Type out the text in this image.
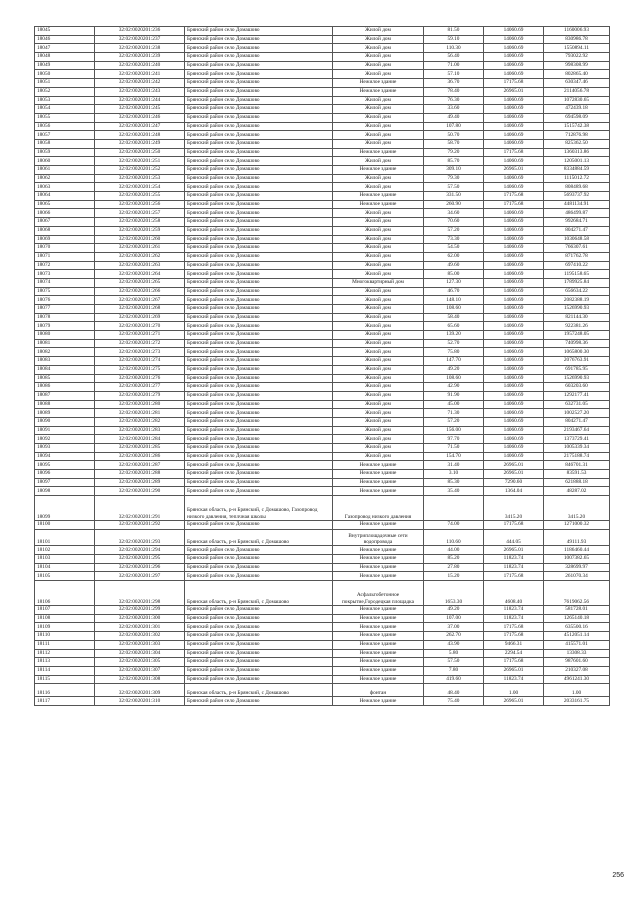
18045	32:02:0020201:236	Брянский район село Домашово	Жилой дом	81.50	14060.69	1160006.93
18046	32:02:0020201:237	Брянский район село Домашово	Жилой дом	59.10	14060.69	830986.78
18047	32:02:0020201:238	Брянский район село Домашово	Жилой дом	110.30	14060.69	1550894.11
18048	32:02:0020201:239	Брянский район село Домашово	Жилой дом	56.40	14060.69	793022.92
18049	32:02:0020201:240	Брянский район село Домашово	Жилой дом	71.00	14060.69	998308.99
18050	32:02:0020201:241	Брянский район село Домашово	Жилой дом	57.10	14060.69	802865.40
18051	32:02:0020201:242	Брянский район село Домашово	Нежилое здание	36.70	17175.68	630347.46
18052	32:02:0020201:243	Брянский район село Домашово	Нежилое здание	78.40	26965.01	2114056.78
18053	32:02:0020201:244	Брянский район село Домашово	Жилой дом	76.30	14060.69	1072830.65
18054	32:02:0020201:245	Брянский район село Домашово	Жилой дом	33.60	14060.69	472439.18
18055	32:02:0020201:246	Брянский район село Домашово	Жилой дом	49.40	14060.69	694598.09
18056	32:02:0020201:247	Брянский район село Домашово	Жилой дом	107.80	14060.69	1515742.38
18057	32:02:0020201:248	Брянский район село Домашово	Жилой дом	50.70	14060.69	712876.98
18058	32:02:0020201:249	Брянский район село Домашово	Жилой дом	58.70	14060.69	825362.50
18059	32:02:0020201:250	Брянский район село Домашово	Нежилое здание	79.20	17175.68	1360313.86
18060	32:02:0020201:251	Брянский район село Домашово	Жилой дом	85.70	14060.69	1205001.13
18061	32:02:0020201:252	Брянский район село Домашово	Нежилое здание	309.10	26965.01	8334884.59
18062	32:02:0020201:253	Брянский район село Домашово	Жилой дом	79.30	14060.69	1115012.72
18063	32:02:0020201:254	Брянский район село Домашово	Жилой дом	57.50	14060.69	808489.68
18064	32:02:0020201:255	Брянский район село Домашово	Нежилое здание	331.50	17175.68	5693737.92
18065	32:02:0020201:256	Брянский район село Домашово	Нежилое здание	260.90	17175.68	4481134.91
18066	32:02:0020201:257	Брянский район село Домашово	Жилой дом	34.60	14060.69	486499.87
18067	32:02:0020201:258	Брянский район село Домашово	Жилой дом	70.60	14060.69	992684.71
18068	32:02:0020201:259	Брянский район село Домашово	Жилой дом	57.20	14060.69	804271.47
18069	32:02:0020201:260	Брянский район село Домашово	Жилой дом	73.30	14060.69	1030648.58
18070	32:02:0020201:261	Брянский район село Домашово	Жилой дом	54.50	14060.69	766307.61
18071	32:02:0020201:262	Брянский район село Домашово	Жилой дом	62.00	14060.69	871762.78
18072	32:02:0020201:263	Брянский район село Домашово	Жилой дом	49.60	14060.69	697410.22
18073	32:02:0020201:264	Брянский район село Домашово	Жилой дом	85.00	14060.69	1195158.65
18074	32:02:0020201:265	Брянский район село Домашово	Многоквартирный дом	127.30	14060.69	1789925.84
18075	32:02:0020201:266	Брянский район село Домашово	Жилой дом	46.70	14060.69	656634.22
18076	32:02:0020201:267	Брянский район село Домашово	Жилой дом	148.10	14060.69	2082388.19
18077	32:02:0020201:268	Брянский район село Домашово	Жилой дом	108.60	14060.69	1526990.93
18078	32:02:0020201:269	Брянский район село Домашово	Жилой дом	58.40	14060.69	821144.30
18079	32:02:0020201:270	Брянский район село Домашово	Жилой дом	65.60	14060.69	922381.26
18080	32:02:0020201:271	Брянский район село Домашово	Жилой дом	139.20	14060.69	1957248.05
18081	32:02:0020201:272	Брянский район село Домашово	Жилой дом	52.70	14060.69	740998.36
18082	32:02:0020201:273	Брянский район село Домашово	Жилой дом	75.80	14060.69	1065800.30
18083	32:02:0020201:274	Брянский район село Домашово	Жилой дом	147.70	14060.69	2076763.91
18084	32:02:0020201:275	Брянский район село Домашово	Жилой дом	49.20	14060.69	691785.95
18085	32:02:0020201:276	Брянский район село Домашово	Жилой дом	108.60	14060.69	1526990.93
18086	32:02:0020201:277	Брянский район село Домашово	Жилой дом	42.90	14060.69	603203.60
18087	32:02:0020201:279	Брянский район село Домашово	Жилой дом	91.90	14060.69	1292177.41
18088	32:02:0020201:280	Брянский район село Домашово	Жилой дом	45.00	14060.69	632731.05
18089	32:02:0020201:281	Брянский район село Домашово	Жилой дом	71.30	14060.69	1002527.20
18090	32:02:0020201:282	Брянский район село Домашово	Жилой дом	57.20	14060.69	804271.47
18091	32:02:0020201:283	Брянский район село Домашово	Жилой дом	156.00	14060.69	2193467.64
18092	32:02:0020201:284	Брянский район село Домашово	Жилой дом	97.70	14060.69	1373729.41
18093	32:02:0020201:285	Брянский район село Домашово	Жилой дом	71.50	14060.69	1005339.34
18094	32:02:0020201:286	Брянский район село Домашово	Жилой дом	154.70	14060.69	2175188.74
18095	32:02:0020201:287	Брянский район село Домашово	Нежилое здание	31.40	26965.01	846701.31
18096	32:02:0020201:288	Брянский район село Домашово	Нежилое здание	3.10	26965.01	83591.53
18097	32:02:0020201:289	Брянский район село Домашово	Нежилое здание	85.30	7290.60	621888.18
18098	32:02:0020201:290	Брянский район село Домашово	Нежилое здание	35.40	1364.04	48287.02
18099	32:02:0020201:291	Брянская область, р-н Брянский, с Домашово, Газопровод низкого давления, теплчная школы	Газопровод низкого давления		3415.20	3415.20
18100	32:02:0020201:292	Брянский район село Домашово	Нежилое здание	74.00	17175.68	1271000.32
18101	32:02:0020201:293	Брянская область, р-н Брянский, с Домашово	Внутриплощадочные сети водопровода	110.60	444.05	49111.93
18102	32:02:0020201:294	Брянский район село Домашово	Нежилое здание	44.00	26965.01	1186460.44
18103	32:02:0020201:295	Брянский район село Домашово	Нежилое здание	85.20	11823.74	1007382.65
18104	32:02:0020201:296	Брянский район село Домашово	Нежилое здание	27.80	11823.74	328699.97
18105	32:02:0020201:297	Брянский район село Домашово	Нежилое здание	15.20	17175.68	261070.34
18106	32:02:0020201:298	Брянская область, р-н Брянский, с Домашово	Асфальтобетонное покрытие,Городецкая площадка	1653.30	4608.40	7619062.56
18107	32:02:0020201:299	Брянский район село Домашово	Нежилое здание	49.20	11823.74	581728.01
18108	32:02:0020201:300	Брянский район село Домашово	Нежилое здание	107.00	11823.74	1265140.18
18109	32:02:0020201:301	Брянский район село Домашово	Нежилое здание	37.00	17175.68	635500.16
18110	32:02:0020201:302	Брянский район село Домашово	Нежилое здание	262.70	17175.68	4512051.14
18111	32:02:0020201:303	Брянский район село Домашово	Нежилое здание	43.90	9466.31	415571.01
18112	32:02:0020201:304	Брянский район село Домашово	Нежилое здание	5.80	2294.54	13308.33
18113	32:02:0020201:305	Брянский район село Домашово	Нежилое здание	57.50	17175.68	987601.60
18114	32:02:0020201:307	Брянский район село Домашово	Нежилое здание	7.80	26965.01	210327.08
18115	32:02:0020201:308	Брянский район село Домашово	Нежилое здание	419.60	11823.74	4961241.30
18116	32:02:0020201:309	Брянская область, р-н Брянский, с Домашово	фонтан	48.40	1.00	1.00
18117	32:02:0020201:310	Брянский район село Домашово	Нежилое здание	75.40	26965.01	2033161.75
256
